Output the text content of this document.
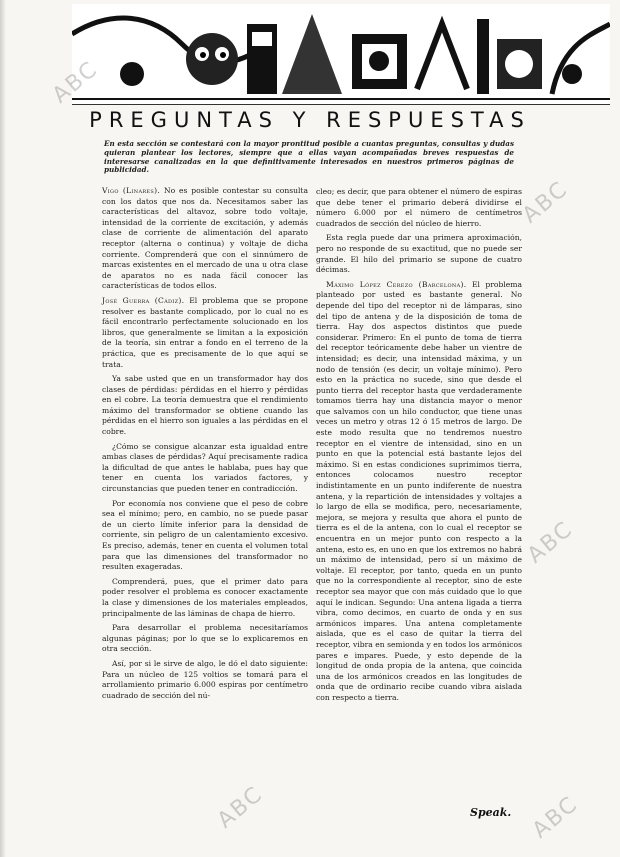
PREGUNTAS Y RESPUESTAS

En esta sección se contestará con la mayor prontitud posible a cuantas preguntas, consultas y dudas quieran plantear los lectores, siempre que a ellas vayan acompañadas breves respuestas de interesarse canalizadas en la que definitivamente interesados en nuestros primeros páginas de publicidad.

Vigo (Linares). No es posible contestar su consulta con los datos que nos da. Necesitamos saber las características del altavoz, sobre todo voltaje, intensidad de la corriente de excitación, y además clase de corriente de alimentación del aparato receptor (alterna o continua) y voltaje de dicha corriente. Comprenderá que con el sinnúmero de marcas existentes en el mercado de una u otra clase de aparatos no es nada fácil conocer las características de todos ellos.

José Guerra (Cádiz). El problema que se propone resolver es bastante complicado, por lo cual no es fácil encontrarlo perfectamente solucionado en los libros, que generalmente se limitan a la exposición de la teoría, sin entrar a fondo en el terreno de la práctica, que es precisamente de lo que aquí se trata.

Ya sabe usted que en un transformador hay dos clases de pérdidas: pérdidas en el hierro y pérdidas en el cobre. La teoría demuestra que el rendimiento máximo del transformador se obtiene cuando las pérdidas en el hierro son iguales a las pérdidas en el cobre.

¿Cómo se consigue alcanzar esta igualdad entre ambas clases de pérdidas? Aquí precisamente radica la dificultad de que antes le hablaba, pues hay que tener en cuenta los variados factores, y circunstancias que pueden tener en contradicción.

Por economía nos conviene que el peso de cobre sea el mínimo; pero, en cambio, no se puede pasar de un cierto límite inferior para la densidad de corriente, sin peligro de un calentamiento excesivo. Es preciso, además, tener en cuenta el volumen total para que las dimensiones del transformador no resulten exageradas.

Comprenderá, pues, que el primer dato para poder resolver el problema es conocer exactamente la clase y dimensiones de los materiales empleados, principalmente de las láminas de chapa de hierro.

Para desarrollar el problema necesitaríamos algunas páginas; por lo que se lo explicaremos en otra sección.

Así, por si le sirve de algo, le dó el dato siguiente: Para un núcleo de 125 voltios se tomará para el arrollamiento primario 6.000 espiras por centímetro cuadrado de sección del nú-

cleo; es decir, que para obtener el número de espiras que debe tener el primario deberá dividirse el número 6.000 por el número de centímetros cuadrados de sección del núcleo de hierro.

Esta regla puede dar una primera aproximación, pero no responde de su exactitud, que no puede ser grande. El hilo del primario se supone de cuatro décimas.

Máximo López Cerezo (Barcelona). El problema planteado por usted es bastante general. No depende del tipo del receptor ni de lámparas, sino del tipo de antena y de la disposición de toma de tierra. Hay dos aspectos distintos que puede considerar. Primero: En el punto de toma de tierra del receptor teóricamente debe haber un vientre de intensidad; es decir, una intensidad máxima, y un nodo de tensión (es decir, un voltaje mínimo). Pero esto en la práctica no sucede, sino que desde el punto tierra del receptor hasta que verdaderamente tomamos tierra hay una distancia mayor o menor que salvamos con un hilo conductor, que tiene unas veces un metro y otras 12 ó 15 metros de largo. De este modo resulta que no tendremos nuestro receptor en el vientre de intensidad, sino en un punto en que la potencial está bastante lejos del máximo. Si en estas condiciones suprimimos tierra, entonces colocamos nuestro receptor indistintamente en un punto indiferente de nuestra antena, y la repartición de intensidades y voltajes a lo largo de ella se modifica, pero, necesariamente, mejora, se mejora y resulta que ahora el punto de tierra es el de la antena, con lo cual el receptor se encuentra en un mejor punto con respecto a la antena, esto es, en uno en que los extremos no habrá un máximo de intensidad, pero sí un máximo de voltaje. El receptor, por tanto, queda en un punto que no la correspondiente al receptor, sino de este receptor sea mayor que con más cuidado que lo que aquí le indican. Segundo: Una antena ligada a tierra vibra, como decimos, en cuarto de onda y en sus armónicos impares. Una antena completamente aislada, que es el caso de quitar la tierra del receptor, vibra en semionda y en todos los armónicos pares e impares. Puede, y esto depende de la longitud de onda propia de la antena, que coincida una de los armónicos creados en las longitudes de onda que de ordinario recibe cuando vibra aislada con respecto a tierra.

Speak.
ABC
ABC
ABC
ABC	ABC
